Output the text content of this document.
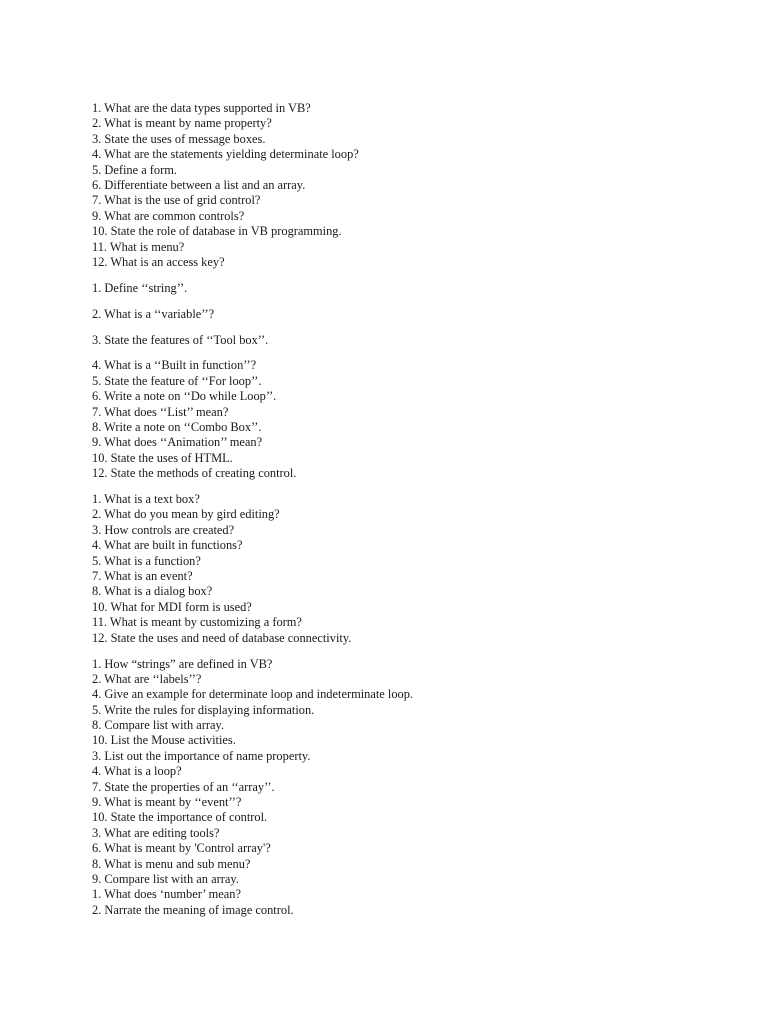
1. What are the data types supported in VB?
2. What is meant by name property?
3. State the uses of message boxes.
4. What are the statements yielding determinate loop?
5. Define a form.
6. Differentiate between a list and an array.
7. What is the use of grid control?
9. What are common controls?
10. State the role of database in VB programming.
11. What is menu?
12. What is an access key?
1. Define ‘‘string’’.
2. What is a ‘‘variable’’?
3. State the features of ‘‘Tool box’’.
4. What is a ‘‘Built in function’’?
5. State the feature of ‘‘For loop’’.
6. Write a note on ‘‘Do while Loop’’.
7. What does ‘‘List’’ mean?
8. Write a note on ‘‘Combo Box’’.
9. What does ‘‘Animation’’ mean?
10. State the uses of HTML.
12. State the methods of creating control.
1. What is a text box?
2. What do you mean by gird editing?
3. How controls are created?
4. What are built in functions?
5. What is a function?
7. What is an event?
8. What is a dialog box?
10. What for MDI form is used?
11. What is meant by customizing a form?
12. State the uses and need of database connectivity.
1. How “strings” are defined in VB?
2. What are ‘‘labels’’?
4. Give an example for determinate loop and indeterminate loop.
5. Write the rules for displaying information.
8. Compare list with array.
10. List the Mouse activities.
3. List out the importance of name property.
4. What is a loop?
7. State the properties of an ‘‘array’’.
9. What is meant by ‘‘event’’?
10. State the importance of control.
3. What are editing tools?
6. What is meant by 'Control array'?
8. What is menu and sub menu?
9. Compare list with an array.
1. What does ‘number’ mean?
2. Narrate the meaning of image control.
